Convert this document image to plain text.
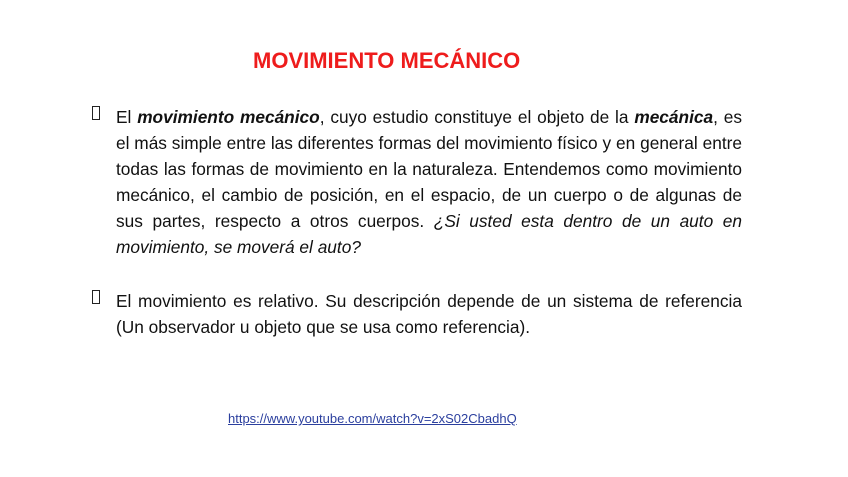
MOVIMIENTO MECÁNICO
El movimiento mecánico, cuyo estudio constituye el objeto de la mecánica, es el más simple entre las diferentes formas del movimiento físico y en general entre todas las formas de movimiento en la naturaleza. Entendemos como movimiento mecánico, el cambio de posición, en el espacio, de un cuerpo o de algunas de sus partes, respecto a otros cuerpos. ¿Si usted esta dentro de un auto en movimiento, se moverá el auto?
El movimiento es relativo. Su descripción depende de un sistema de referencia (Un observador u objeto que se usa como referencia).
https://www.youtube.com/watch?v=2xS02CbadhQ
